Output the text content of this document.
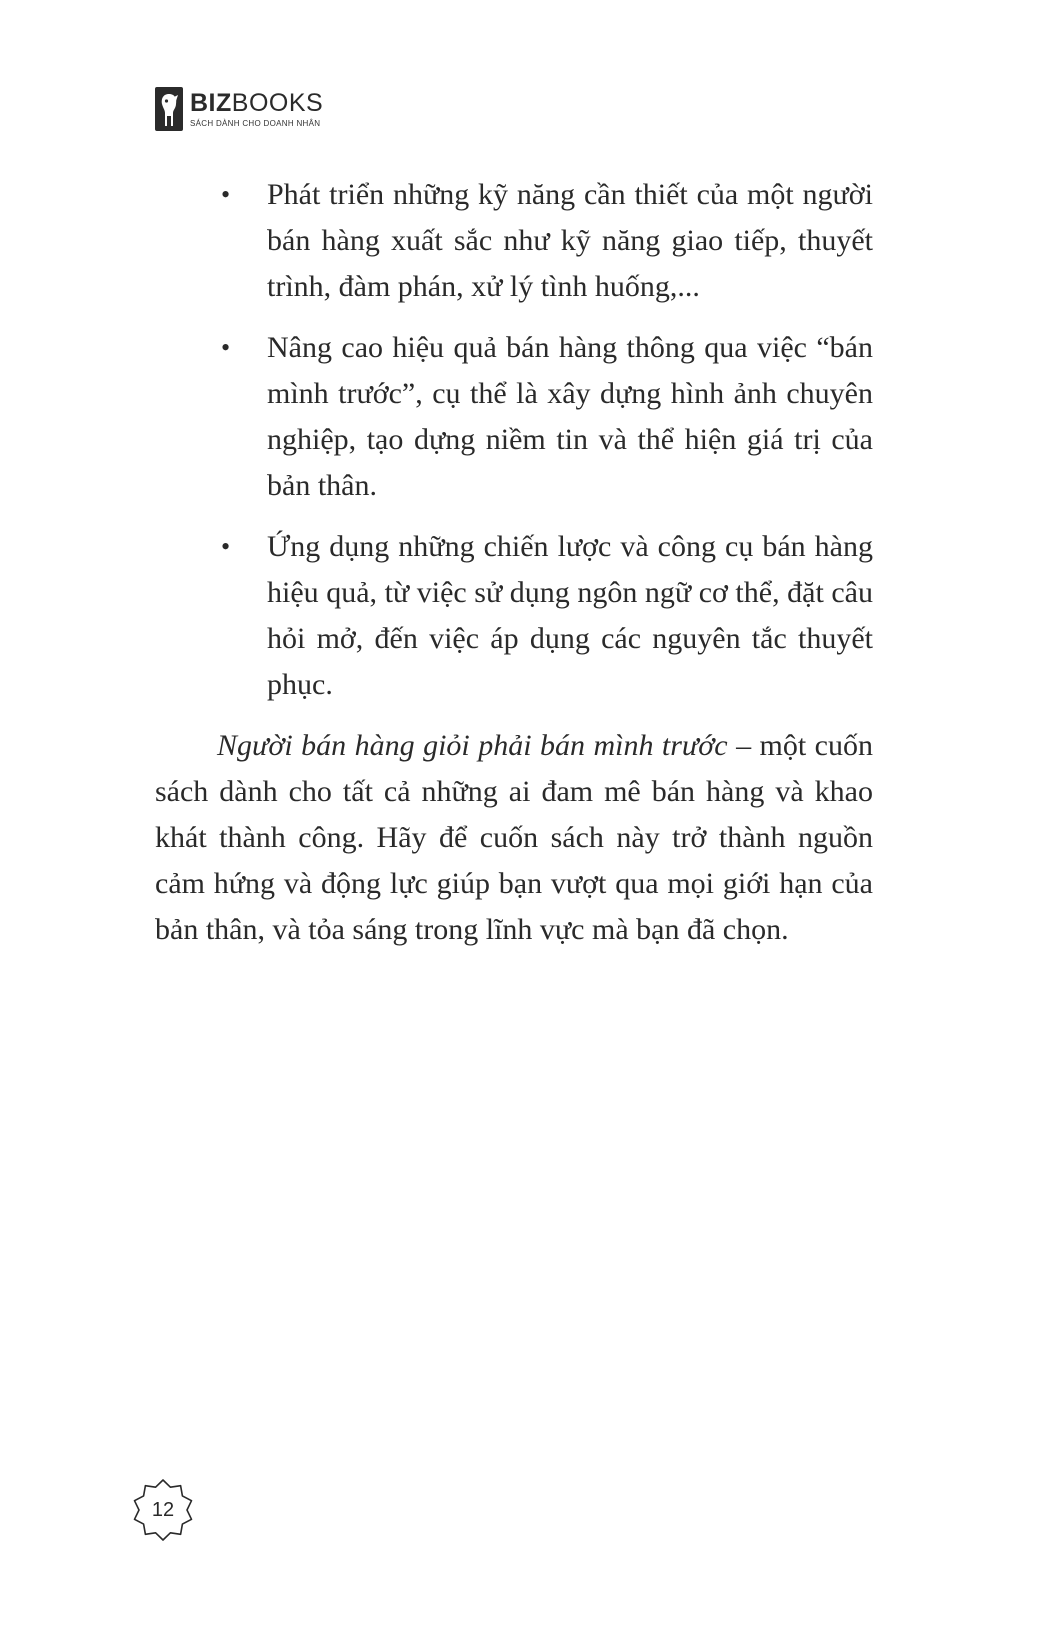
BIZBOOKS
SÁCH DÀNH CHO DOANH NHÂN
• Phát triển những kỹ năng cần thiết của một người bán hàng xuất sắc như kỹ năng giao tiếp, thuyết trình, đàm phán, xử lý tình huống,...
• Nâng cao hiệu quả bán hàng thông qua việc “bán mình trước”, cụ thể là xây dựng hình ảnh chuyên nghiệp, tạo dựng niềm tin và thể hiện giá trị của bản thân.
• Ứng dụng những chiến lược và công cụ bán hàng hiệu quả, từ việc sử dụng ngôn ngữ cơ thể, đặt câu hỏi mở, đến việc áp dụng các nguyên tắc thuyết phục.

Người bán hàng giỏi phải bán mình trước – một cuốn sách dành cho tất cả những ai đam mê bán hàng và khao khát thành công. Hãy để cuốn sách này trở thành nguồn cảm hứng và động lực giúp bạn vượt qua mọi giới hạn của bản thân, và tỏa sáng trong lĩnh vực mà bạn đã chọn.

12
